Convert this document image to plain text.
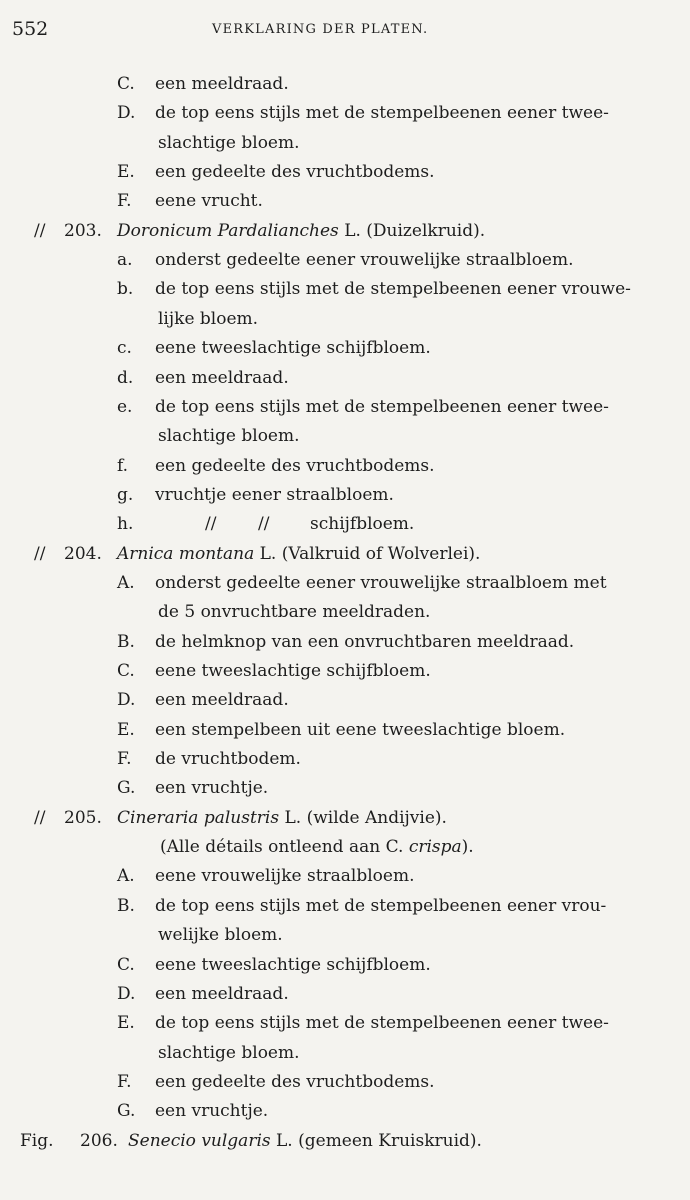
552	VERKLARING DER PLATEN.
C. een meeldraad.
D. de top eens stijls met de stempelbeenen eener twee-
slachtige bloem.
E. een gedeelte des vruchtbodems.
F. eene vrucht.
// 203. Doronicum Pardalianches L. (Duizelkruid).
a. onderst gedeelte eener vrouwelijke straalbloem.
b. de top eens stijls met de stempelbeenen eener vrouwe-
lijke bloem.
c. eene tweeslachtige schijfbloem.
d. een meeldraad.
e. de top eens stijls met de stempelbeenen eener twee-
slachtige bloem.
f. een gedeelte des vruchtbodems.
g. vruchtje eener straalbloem.
h.	// // schijfbloem.
// 204. Arnica montana L. (Valkruid of Wolverlei).
A. onderst gedeelte eener vrouwelijke straalbloem met
de 5 onvruchtbare meeldraden.
B. de helmknop van een onvruchtbaren meeldraad.
C. eene tweeslachtige schijfbloem.
D. een meeldraad.
E. een stempelbeen uit eene tweeslachtige bloem.
F. de vruchtbodem.
G. een vruchtje.
// 205. Cineraria palustris L. (wilde Andijvie).
(Alle détails ontleend aan C. crispa).
A. eene vrouwelijke straalbloem.
B. de top eens stijls met de stempelbeenen eener vrou-
welijke bloem.
C. eene tweeslachtige schijfbloem.
D. een meeldraad.
E. de top eens stijls met de stempelbeenen eener twee-
slachtige bloem.
F. een gedeelte des vruchtbodems.
G. een vruchtje.
Fig. 206. Senecio vulgaris L. (gemeen Kruiskruid).
